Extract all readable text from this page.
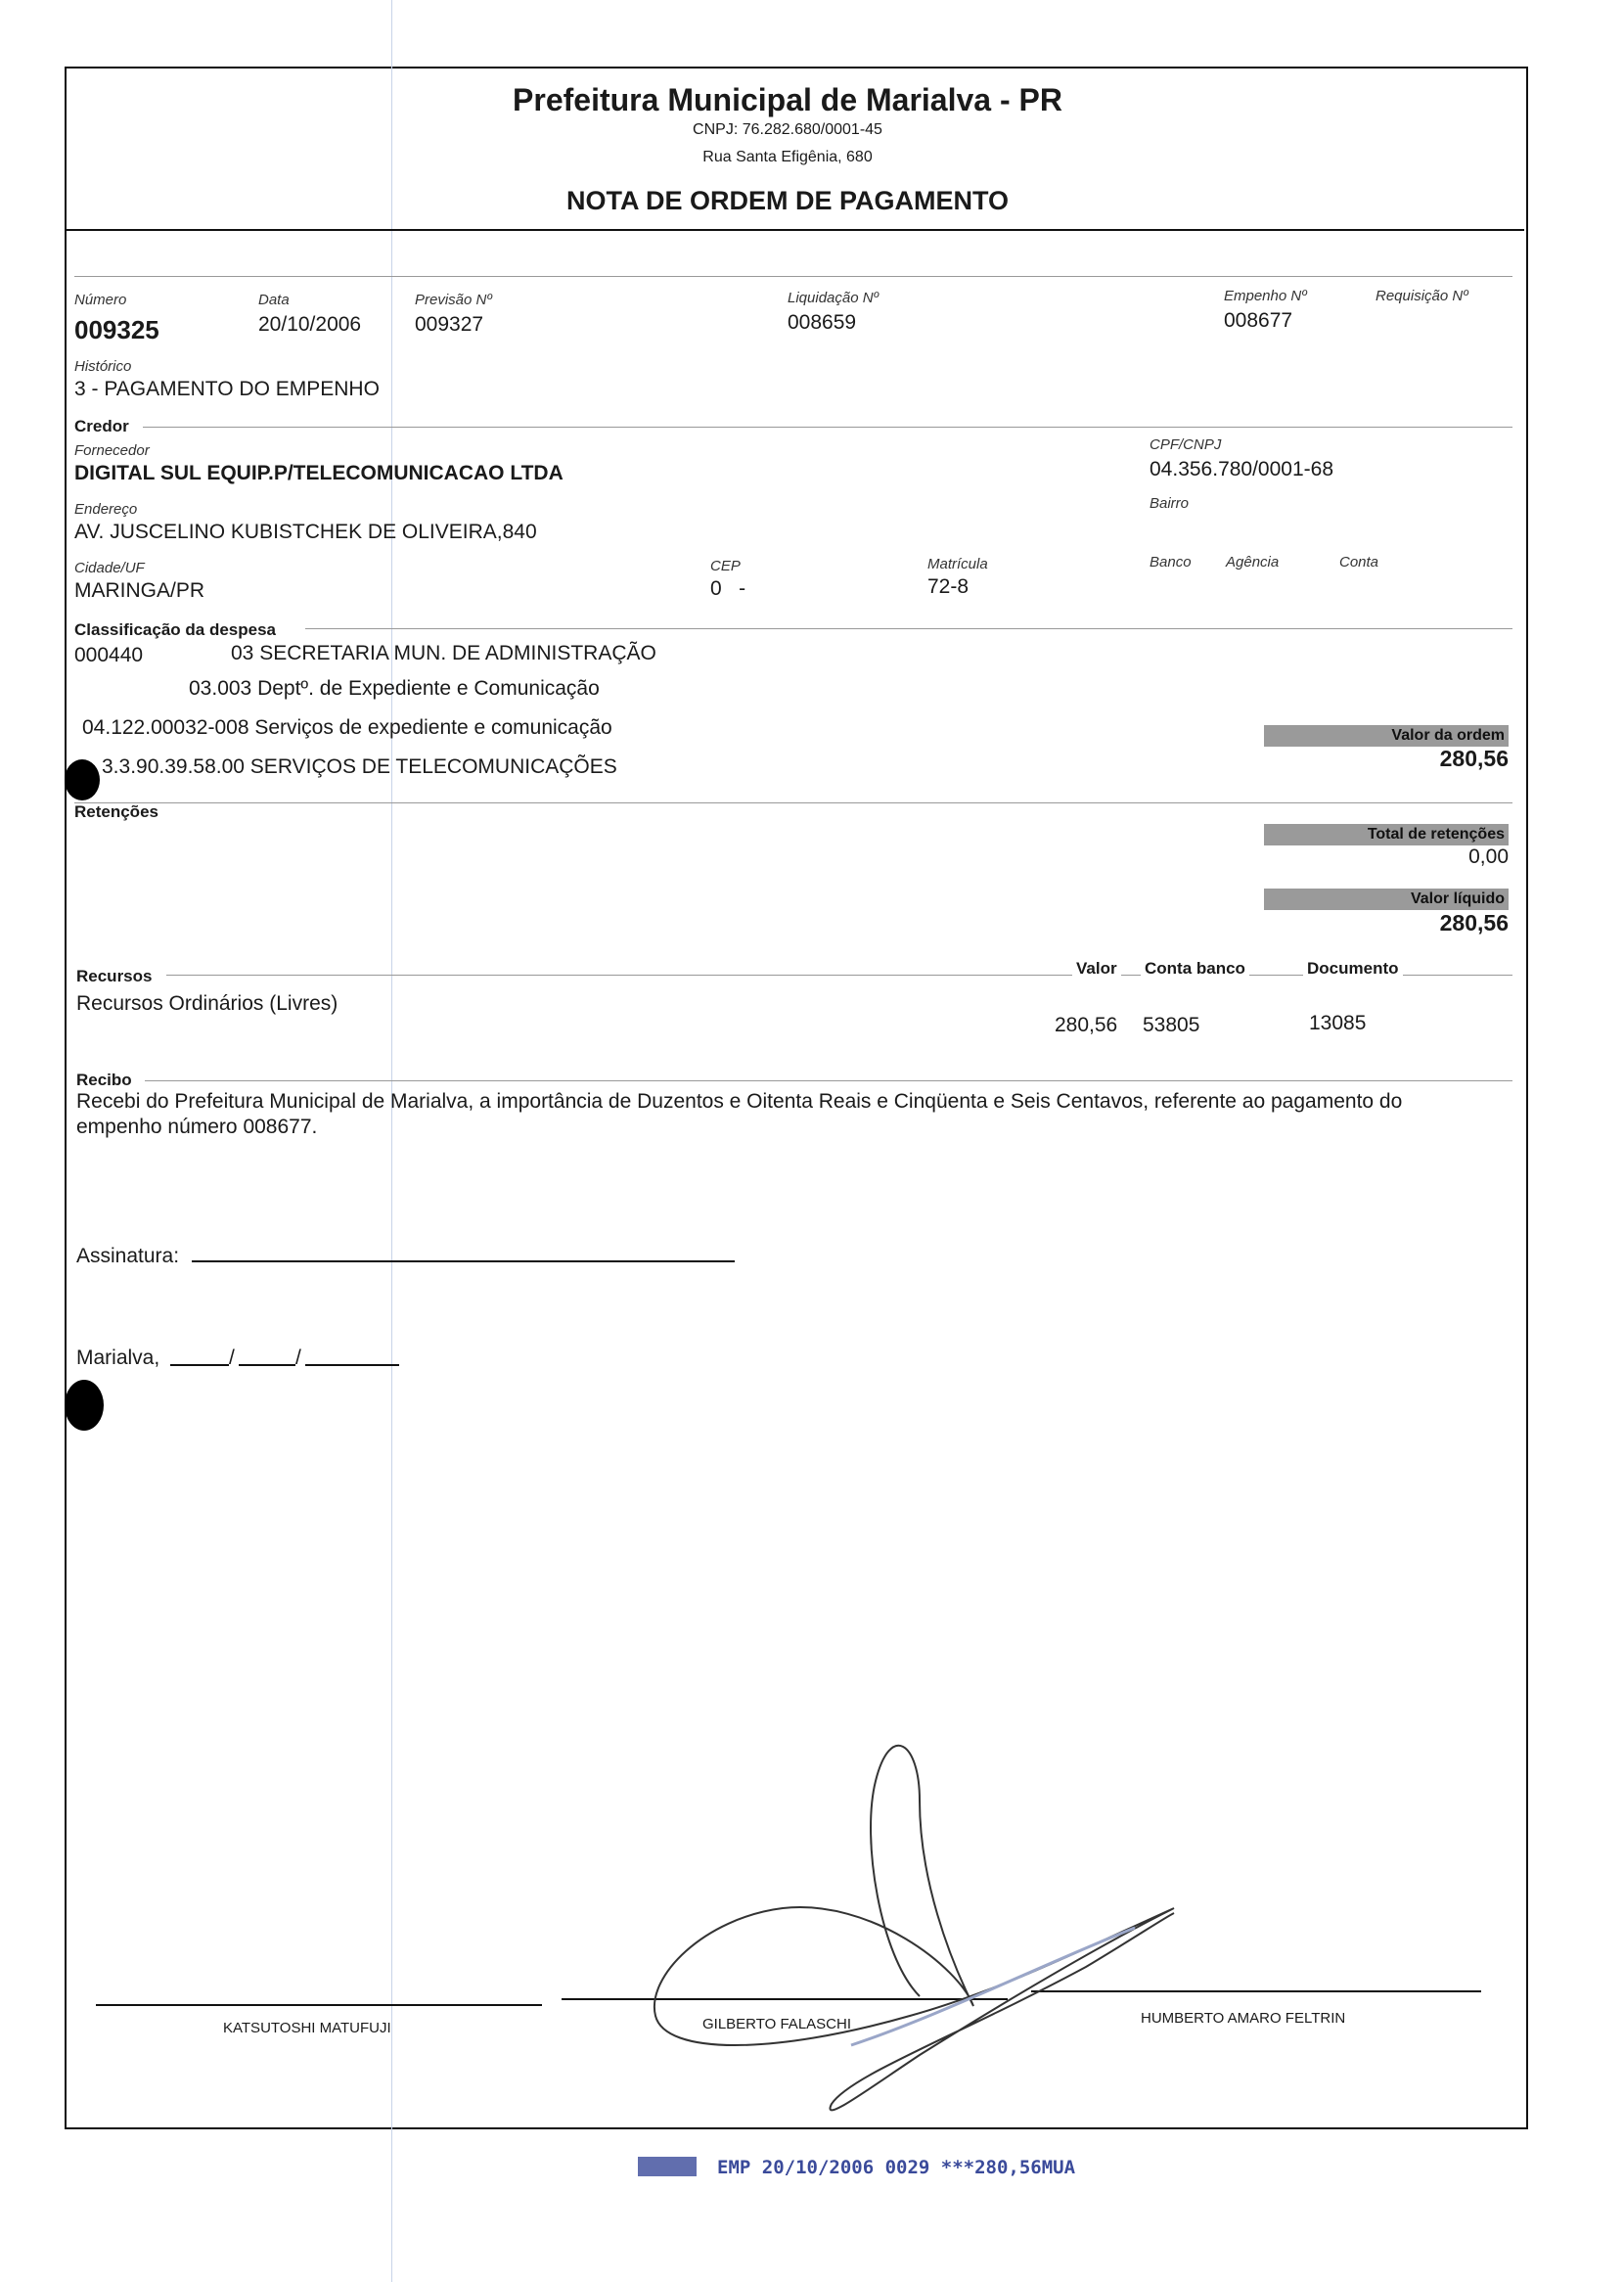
Prefeitura Municipal de Marialva - PR
CNPJ: 76.282.680/0001-45
Rua Santa Efigênia, 680
NOTA DE ORDEM DE PAGAMENTO
Número
009325
Data
20/10/2006
Previsão Nº
009327
Liquidação Nº
008659
Empenho Nº
008677
Requisição Nº
Histórico
3 - PAGAMENTO DO EMPENHO
Credor
Fornecedor
DIGITAL SUL EQUIP.P/TELECOMUNICACAO LTDA
CPF/CNPJ
04.356.780/0001-68
Endereço
AV. JUSCELINO KUBISTCHEK DE OLIVEIRA,840
Bairro
Cidade/UF
MARINGA/PR
CEP
0   -
Matrícula
72-8
Banco Agência	Conta
Classificação da despesa
000440	03 SECRETARIA MUN. DE ADMINISTRAÇÃO
03.003 Deptº. de Expediente e Comunicação
04.122.00032-008 Serviços de expediente e comunicação
3.3.90.39.58.00 SERVIÇOS DE TELECOMUNICAÇÕES
Valor da ordem
280,56
Retenções
Total de retenções
0,00
Valor líquido
280,56
Recursos	Valor Conta banco	Documento
Recursos Ordinários (Livres)
280,56 53805	13085
Recibo
Recebi do Prefeitura Municipal de Marialva, a importância de Duzentos e Oitenta Reais e Cinqüenta e Seis Centavos, referente ao pagamento do
empenho número 008677.
Assinatura:
Marialva,	/	/
KATSUTOSHI MATUFUJI	GILBERTO FALASCHI	HUMBERTO AMARO FELTRIN
EMP 20/10/2006 0029 ***280,56MUA
